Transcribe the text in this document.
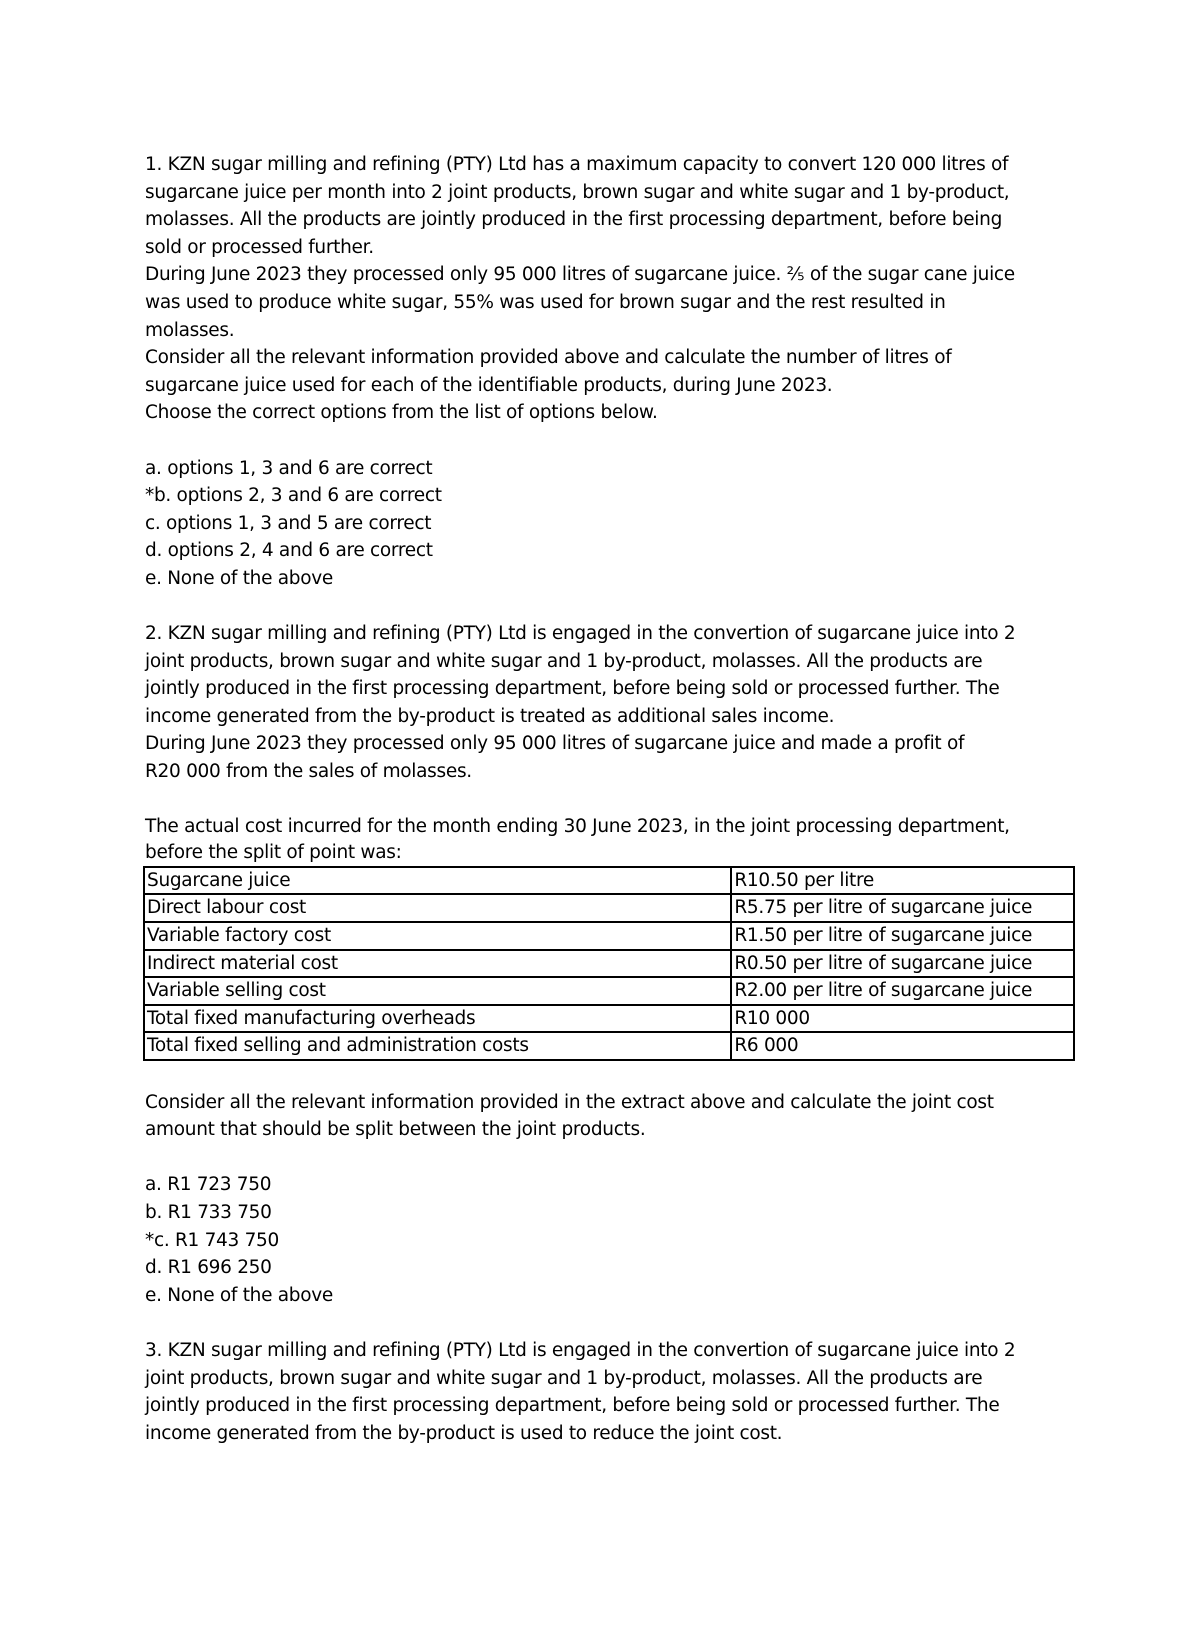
1. KZN sugar milling and refining (PTY) Ltd has a maximum capacity to convert 120 000 litres of
sugarcane juice per month into 2 joint products, brown sugar and white sugar and 1 by-product,
molasses. All the products are jointly produced in the first processing department, before being
sold or processed further.
During June 2023 they processed only 95 000 litres of sugarcane juice. ⅖ of the sugar cane juice
was used to produce white sugar, 55% was used for brown sugar and the rest resulted in
molasses.
Consider all the relevant information provided above and calculate the number of litres of
sugarcane juice used for each of the identifiable products, during June 2023.
Choose the correct options from the list of options below.
a. options 1, 3 and 6 are correct
*b. options 2, 3 and 6 are correct
c. options 1, 3 and 5 are correct
d. options 2, 4 and 6 are correct
e. None of the above
2. KZN sugar milling and refining (PTY) Ltd is engaged in the convertion of sugarcane juice into 2
joint products, brown sugar and white sugar and 1 by-product, molasses. All the products are
jointly produced in the first processing department, before being sold or processed further. The
income generated from the by-product is treated as additional sales income.
During June 2023 they processed only 95 000 litres of sugarcane juice and made a profit of
R20 000 from the sales of molasses.
The actual cost incurred for the month ending 30 June 2023, in the joint processing department,
before the split of point was:
Sugarcane juice	R10.50 per litre
Direct labour cost	R5.75 per litre of sugarcane juice
Variable factory cost	R1.50 per litre of sugarcane juice
Indirect material cost	R0.50 per litre of sugarcane juice
Variable selling cost	R2.00 per litre of sugarcane juice
Total fixed manufacturing overheads	R10 000
Total fixed selling and administration costs	R6 000
Consider all the relevant information provided in the extract above and calculate the joint cost
amount that should be split between the joint products.
a. R1 723 750
b. R1 733 750
*c. R1 743 750
d. R1 696 250
e. None of the above
3. KZN sugar milling and refining (PTY) Ltd is engaged in the convertion of sugarcane juice into 2
joint products, brown sugar and white sugar and 1 by-product, molasses. All the products are
jointly produced in the first processing department, before being sold or processed further. The
income generated from the by-product is used to reduce the joint cost.
